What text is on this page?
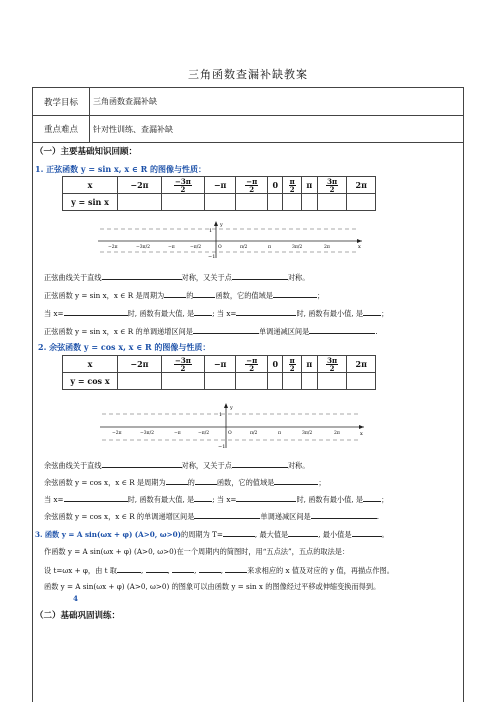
三角函数查漏补缺教案
教学目标	三角函数查漏补缺
重点难点	针对性训练、查漏补缺
（一）主要基础知识回顾：
1. 正弦函数 y = sin x, x ∈ R 的图像与性质：
x	−2π	$\frac{-3\pi}{2}$	−π	$\frac{-\pi}{2}$	0	$\frac{\pi}{2}$	π	$\frac{3\pi}{2}$	2π
y = sin x									
y
x
1
−1
−2π	−3π/2	−π	−π/2	O	π/2	π	3π/2	2π
正弦曲线关于直线	对称，又关于点	对称。
正弦函数 y = sin x，x ∈ R 是周期为	的	函数，它的值域是	；
当 x=	时, 函数有最大值, 是	; 当 x=	时, 函数有最小值, 是	；
正弦函数 y = sin x，x ∈ R 的单调递增区间是	单调递减区间是	.
2. 余弦函数 y = cos x, x ∈ R 的图像与性质：
x	−2π	$\frac{-3\pi}{2}$	−π	$\frac{-\pi}{2}$	0	$\frac{\pi}{2}$	π	$\frac{3\pi}{2}$	2π
y = cos x									
y
x
1
−1
−2π	−3π/2	−π	−π/2	O	π/2	π	3π/2	2π
余弦曲线关于直线	对称，又关于点	对称。
余弦函数 y = cos x，x ∈ R 是周期为	的	函数，它的值域是	；
当 x=	时, 函数有最大值, 是	; 当 x=	时, 函数有最小值, 是	；
余弦函数 y = cos x，x ∈ R 的单调递增区间是	单调递减区间是	.
3. 函数 y = A sin(ωx + φ) (A>0, ω>0)的周期为 T=	, 最大值是	, 最小值是	。
作函数 y = A sin(ωx + φ) (A>0, ω>0)在一个周期内的简图时，用“五点法”，五点的取法是：
设 t=ωx + φ，由 t 取	,	,	,	,	来求相应的 x 值及对应的 y 值，再描点作图。
函数 y = A sin(ωx + φ) (A>0, ω>0) 的图象可以由函数 y = sin x 的图像经过平移或伸缩变换而得到。
4
（二）基础巩固训练：
